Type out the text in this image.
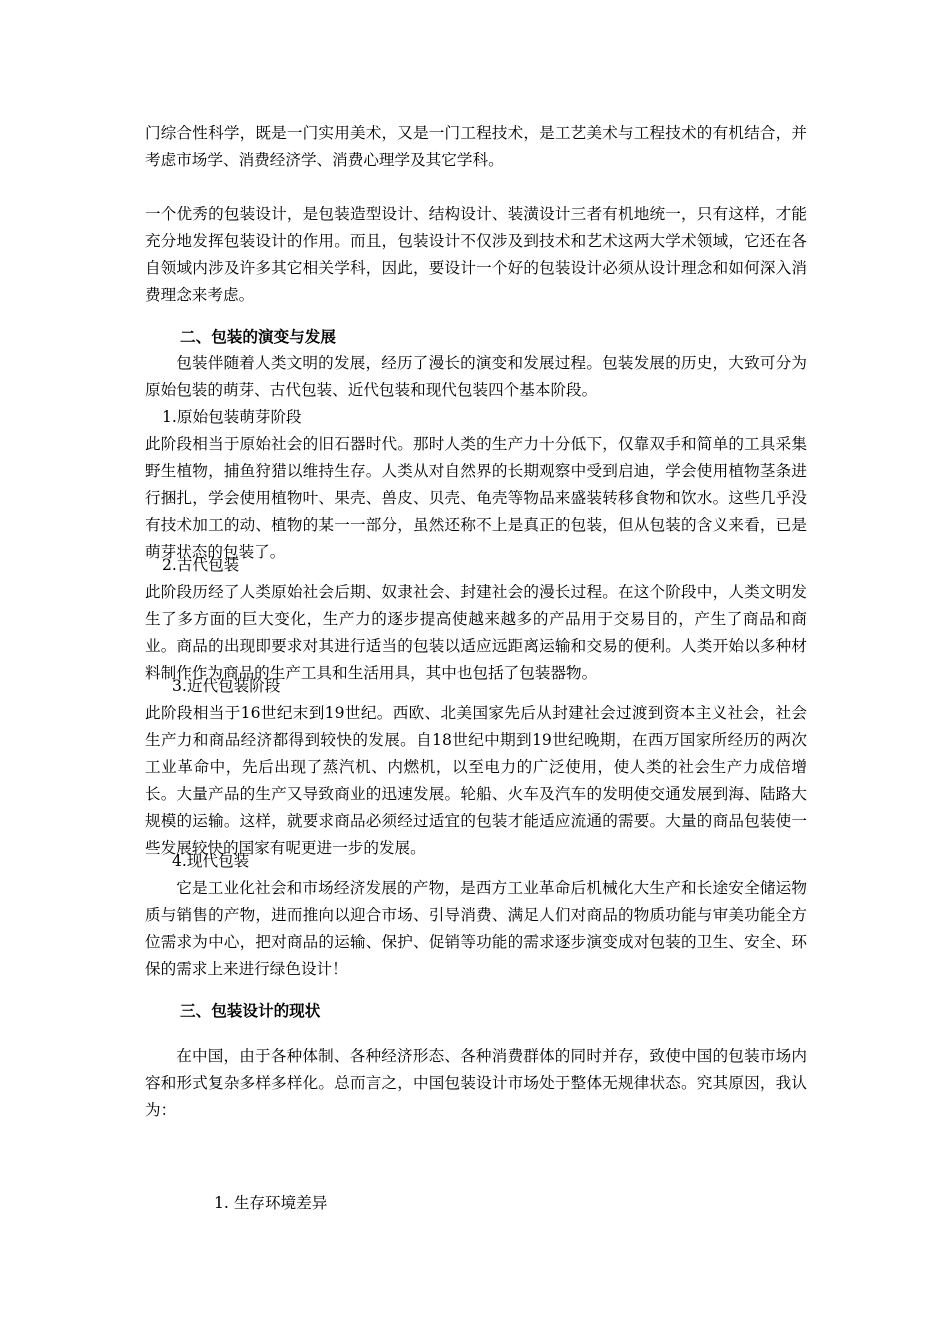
门综合性科学，既是一门实用美术，又是一门工程技术，是工艺美术与工程技术的有机结合，并考虑市场学、消费经济学、消费心理学及其它学科。

一个优秀的包装设计，是包装造型设计、结构设计、装潢设计三者有机地统一，只有这样，才能充分地发挥包装设计的作用。而且，包装设计不仅涉及到技术和艺术这两大学术领域，它还在各自领域内涉及许多其它相关学科，因此，要设计一个好的包装设计必须从设计理念和如何深入消费理念来考虑。

二、包装的演变与发展

包装伴随着人类文明的发展，经历了漫长的演变和发展过程。包装发展的历史，大致可分为原始包装的萌芽、古代包装、近代包装和现代包装四个基本阶段。

1.原始包装萌芽阶段

此阶段相当于原始社会的旧石器时代。那时人类的生产力十分低下，仅靠双手和简单的工具采集野生植物，捕鱼狩猎以维持生存。人类从对自然界的长期观察中受到启迪，学会使用植物茎条进行捆扎，学会使用植物叶、果壳、兽皮、贝壳、龟壳等物品来盛装转移食物和饮水。这些几乎没有技术加工的动、植物的某一一部分，虽然还称不上是真正的包装，但从包装的含义来看，已是萌芽状态的包装了。

2.古代包装

此阶段历经了人类原始社会后期、奴隶社会、封建社会的漫长过程。在这个阶段中，人类文明发生了多方面的巨大变化，生产力的逐步提高使越来越多的产品用于交易目的，产生了商品和商业。商品的出现即要求对其进行适当的包装以适应远距离运输和交易的便利。人类开始以多种材料制作作为商品的生产工具和生活用具，其中也包括了包装器物。

3.近代包装阶段

此阶段相当于16世纪末到19世纪。西欧、北美国家先后从封建社会过渡到资本主义社会，社会生产力和商品经济都得到较快的发展。自18世纪中期到19世纪晚期，在西万国家所经历的两次工业革命中，先后出现了蒸汽机、内燃机，以至电力的广泛使用，使人类的社会生产力成倍增长。大量产品的生产又导致商业的迅速发展。轮船、火车及汽车的发明使交通发展到海、陆路大规模的运输。这样，就要求商品必须经过适宜的包装才能适应流通的需要。大量的商品包装使一些发展较快的国家有呢更进一步的发展。

4.现代包装

它是工业化社会和市场经济发展的产物，是西方工业革命后机械化大生产和长途安全储运物质与销售的产物，进而推向以迎合市场、引导消费、满足人们对商品的物质功能与审美功能全方位需求为中心，把对商品的运输、保护、促销等功能的需求逐步演变成对包装的卫生、安全、环保的需求上来进行绿色设计！

三、包装设计的现状

在中国，由于各种体制、各种经济形态、各种消费群体的同时并存，致使中国的包装市场内容和形式复杂多样多样化。总而言之，中国包装设计市场处于整体无规律状态。究其原因，我认为：

1. 生存环境差异
